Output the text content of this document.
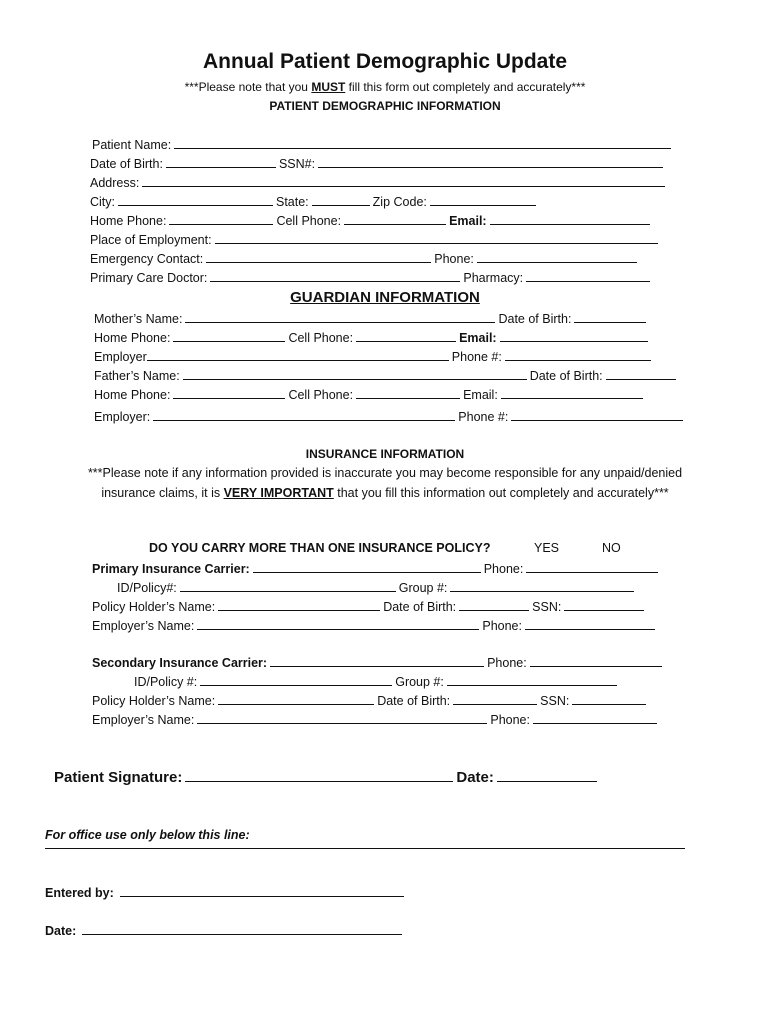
Annual Patient Demographic Update
***Please note that you MUST fill this form out completely and accurately***
PATIENT DEMOGRAPHIC INFORMATION
Patient Name:
Date of Birth:	SSN#:
Address:
City:	State:	Zip Code:
Home Phone:	Cell Phone:	Email:
Place of Employment:
Emergency Contact:	Phone:
Primary Care Doctor:	Pharmacy:
GUARDIAN INFORMATION
Mother’s Name:	Date of Birth:
Home Phone:	Cell Phone:	Email:
Employer	Phone #:
Father’s Name:	Date of Birth:
Home Phone:	Cell Phone:	Email:
Employer:	Phone #:
INSURANCE INFORMATION
***Please note if any information provided is inaccurate you may become responsible for any unpaid/denied
insurance claims, it is VERY IMPORTANT that you fill this information out completely and accurately***
DO YOU CARRY MORE THAN ONE INSURANCE POLICY?	YES	NO
Primary Insurance Carrier:	Phone:
ID/Policy#:	Group #:
Policy Holder’s Name:	Date of Birth:	SSN:
Employer’s Name:	Phone:
Secondary Insurance Carrier:	Phone:
ID/Policy #:	Group #:
Policy Holder’s Name:	Date of Birth:	SSN:
Employer’s Name:	Phone:
Patient Signature:	Date:
For office use only below this line:
Entered by:
Date:
